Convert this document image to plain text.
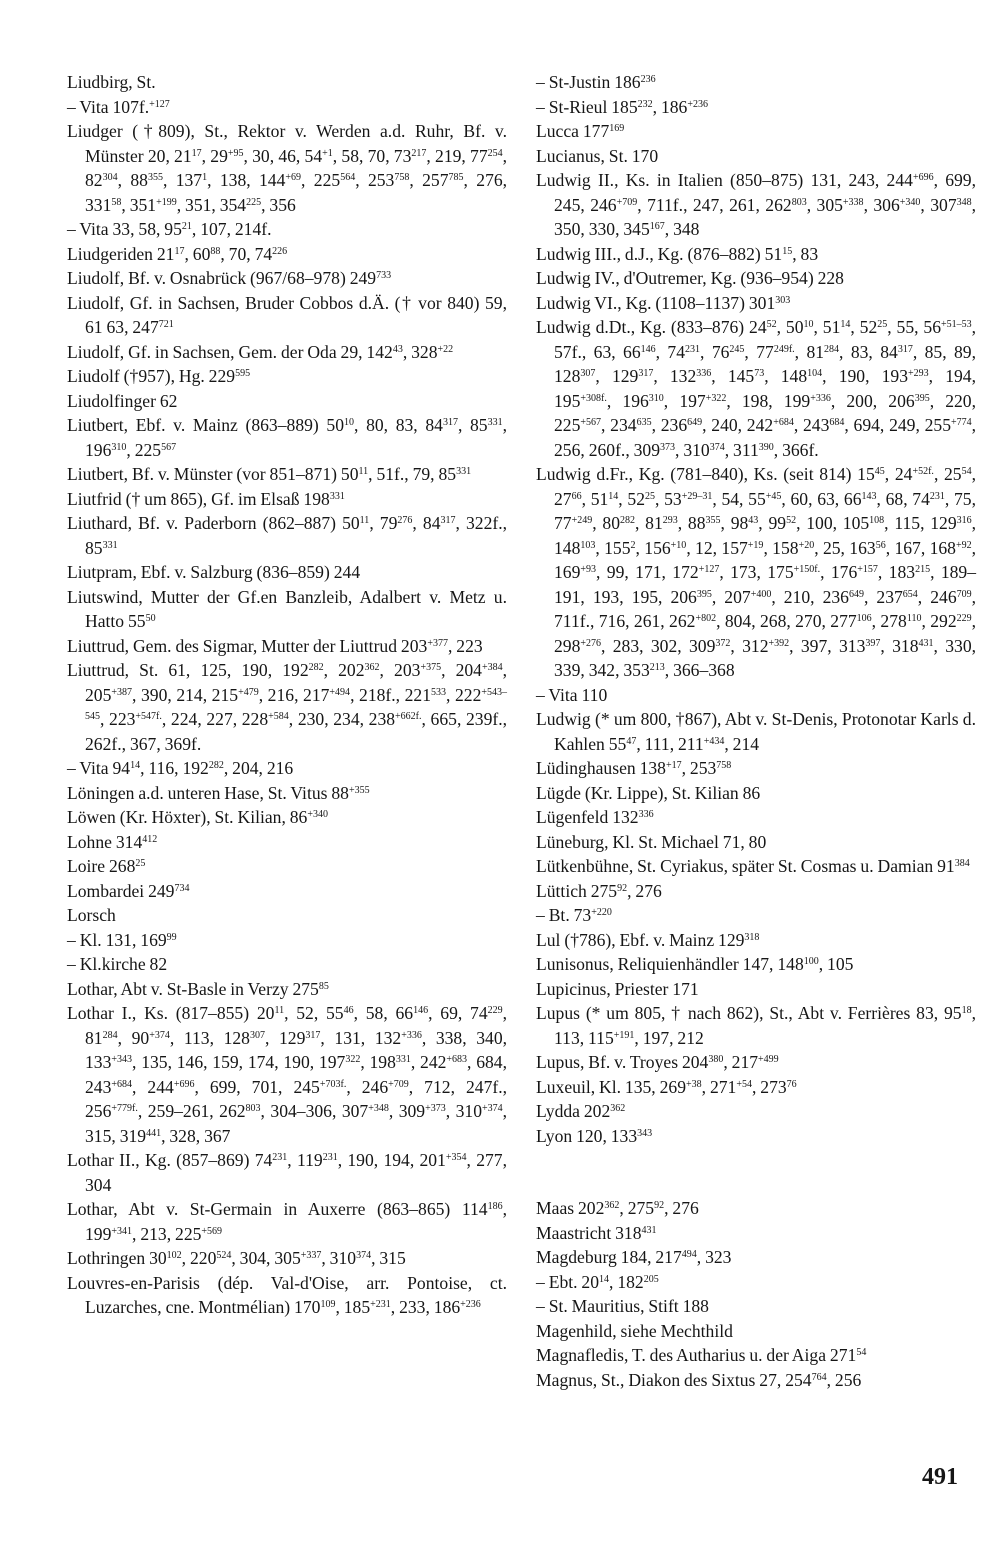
Liudbirg, St.
– Vita 107f.$^{+127}$
Liudger (†809), St., Rektor v. Werden a.d. Ruhr, Bf. v. Münster 20, $21^{17}$, $29^{+95}$, 30, 46, $54^{+1}$, 58, 70, $73^{217}$, 219, $77^{254}$, $82^{304}$, $88^{355}$, $137^1$, 138, $144^{+69}$, $225^{564}$, $253^{758}$, $257^{785}$, 276, $331^{58}$, $351^{+199}$, 351, $354^{225}$, 356
– Vita 33, 58, $95^{21}$, 107, 214f.
Liudgeriden $21^{17}$, $60^{88}$, 70, $74^{226}$
Liudolf, Bf. v. Osnabrück (967/68–978) $249^{733}$
Liudolf, Gf. in Sachsen, Bruder Cobbos d.Ä. († vor 840) 59, 61 63, $247^{721}$
Liudolf, Gf. in Sachsen, Gem. der Oda 29, $142^{43}$, $328^{+22}$
Liudolf (†957), Hg. $229^{595}$
Liudolfinger 62
Liutbert, Ebf. v. Mainz (863–889) $50^{10}$, 80, 83, $84^{317}$, $85^{331}$, $196^{310}$, $225^{567}$
Liutbert, Bf. v. Münster (vor 851–871) $50^{11}$, 51f., 79, $85^{331}$
Liutfrid († um 865), Gf. im Elsaß $198^{331}$
Liuthard, Bf. v. Paderborn (862–887) $50^{11}$, $79^{276}$, $84^{317}$, 322f., $85^{331}$
Liutpram, Ebf. v. Salzburg (836–859) 244
Liutswind, Mutter der Gf.en Banzleib, Adalbert v. Metz u. Hatto $55^{50}$
Liuttrud, Gem. des Sigmar, Mutter der Liuttrud $203^{+377}$, 223
Liuttrud, St. 61, 125, 190, $192^{282}$, $202^{362}$, $203^{+375}$, $204^{+384}$, $205^{+387}$, 390, 214, $215^{+479}$, 216, $217^{+494}$, 218f., $221^{533}$, $222^{+543-545}$, $223^{+547f.}$, 224, 227, $228^{+584}$, 230, 234, $238^{+662f.}$, 665, 239f., 262f., 367, 369f.
– Vita $94^{14}$, 116, $192^{282}$, 204, 216
Löningen a.d. unteren Hase, St. Vitus $88^{+355}$
Löwen (Kr. Höxter), St. Kilian, $86^{+340}$
Lohne $314^{412}$
Loire $268^{25}$
Lombardei $249^{734}$
Lorsch
– Kl. 131, $169^{99}$
– Kl.kirche 82
Lothar, Abt v. St-Basle in Verzy $275^{85}$
Lothar I., Ks. (817–855) $20^{11}$, 52, $55^{46}$, 58, $66^{146}$, 69, $74^{229}$, $81^{284}$, $90^{+374}$, 113, $128^{307}$, $129^{317}$, 131, $132^{+336}$, 338, 340, $133^{+343}$, 135, 146, 159, 174, 190, $197^{322}$, $198^{331}$, $242^{+683}$, 684, $243^{+684}$, $244^{+696}$, 699, 701, $245^{+703f.}$, $246^{+709}$, 712, 247f., $256^{+779f.}$, 259–261, $262^{803}$, 304–306, $307^{+348}$, $309^{+373}$, $310^{+374}$, 315, $319^{441}$, 328, 367
Lothar II., Kg. (857–869) $74^{231}$, $119^{231}$, 190, 194, $201^{+354}$, 277, 304
Lothar, Abt v. St-Germain in Auxerre (863–865) $114^{186}$, $199^{+341}$, 213, $225^{+569}$
Lothringen $30^{102}$, $220^{524}$, 304, $305^{+337}$, $310^{374}$, 315
Louvres-en-Parisis (dép. Val-d'Oise, arr. Pontoise, ct. Luzarches, cne. Montmélian) $170^{109}$, $185^{+231}$, 233, $186^{+236}$
– St-Justin $186^{236}$
– St-Rieul $185^{232}$, $186^{+236}$
Lucca $177^{169}$
Lucianus, St. 170
Ludwig II., Ks. in Italien (850–875) 131, 243, $244^{+696}$, 699, 245, $246^{+709}$, 711f., 247, 261, $262^{803}$, $305^{+338}$, $306^{+340}$, $307^{348}$, 350, 330, $345^{167}$, 348
Ludwig III., d.J., Kg. (876–882) $51^{15}$, 83
Ludwig IV., d'Outremer, Kg. (936–954) 228
Ludwig VI., Kg. (1108–1137) $301^{303}$
Ludwig d.Dt., Kg. (833–876) $24^{52}$, $50^{10}$, $51^{14}$, $52^{25}$, 55, $56^{+51-53}$, 57f., 63, $66^{146}$, $74^{231}$, $76^{245}$, $77^{249f.}$, $81^{284}$, 83, $84^{317}$, 85, 89, $128^{307}$, $129^{317}$, $132^{336}$, $145^{73}$, $148^{104}$, 190, $193^{+293}$, 194, $195^{+308f.}$, $196^{310}$, $197^{+322}$, 198, $199^{+336}$, 200, $206^{395}$, 220, $225^{+567}$, $234^{635}$, $236^{649}$, 240, $242^{+684}$, $243^{684}$, 694, 249, $255^{+774}$, 256, 260f., $309^{373}$, $310^{374}$, $311^{390}$, 366f.
Ludwig d.Fr., Kg. (781–840), Ks. (seit 814) $15^{45}$, $24^{+52f.}$, $25^{54}$, $27^{66}$, $51^{14}$, $52^{25}$, $53^{+29-31}$, 54, $55^{+45}$, 60, 63, $66^{143}$, 68, $74^{231}$, 75, $77^{+249}$, $80^{282}$, $81^{293}$, $88^{355}$, $98^{43}$, $99^{52}$, 100, $105^{108}$, 115, $129^{316}$, $148^{103}$, $155^2$, $156^{+10}$, 12, $157^{+19}$, $158^{+20}$, 25, $163^{56}$, 167, $168^{+92}$, $169^{+93}$, 99, 171, $172^{+127}$, 173, $175^{+150f.}$, $176^{+157}$, $183^{215}$, 189–191, 193, 195, $206^{395}$, $207^{+400}$, 210, $236^{649}$, $237^{654}$, $246^{709}$, 711f., 716, 261, $262^{+802}$, 804, 268, 270, $277^{106}$, $278^{110}$, $292^{229}$, $298^{+276}$, 283, 302, $309^{372}$, $312^{+392}$, 397, $313^{397}$, $318^{431}$, 330, 339, 342, $353^{213}$, 366–368
– Vita 110
Ludwig (* um 800, †867), Abt v. St-Denis, Protonotar Karls d. Kahlen $55^{47}$, 111, $211^{+434}$, 214
Lüdinghausen $138^{+17}$, $253^{758}$
Lügde (Kr. Lippe), St. Kilian 86
Lügenfeld $132^{336}$
Lüneburg, Kl. St. Michael 71, 80
Lütkenbühne, St. Cyriakus, später St. Cosmas u. Damian $91^{384}$
Lüttich $275^{92}$, 276
– Bt. $73^{+220}$
Lul (†786), Ebf. v. Mainz $129^{318}$
Lunisonus, Reliquienhändler 147, $148^{100}$, 105
Lupicinus, Priester 171
Lupus (* um 805, † nach 862), St., Abt v. Ferrières 83, $95^{18}$, 113, $115^{+191}$, 197, 212
Lupus, Bf. v. Troyes $204^{380}$, $217^{+499}$
Luxeuil, Kl. 135, $269^{+38}$, $271^{+54}$, $273^{76}$
Lydda $202^{362}$
Lyon 120, $133^{343}$
Maas $202^{362}$, $275^{92}$, 276
Maastricht $318^{431}$
Magdeburg 184, $217^{494}$, 323
– Ebt. $20^{14}$, $182^{205}$
– St. Mauritius, Stift 188
Magenhild, siehe Mechthild
Magnafledis, T. des Autharius u. der Aiga $271^{54}$
Magnus, St., Diakon des Sixtus 27, $254^{764}$, 256
491
